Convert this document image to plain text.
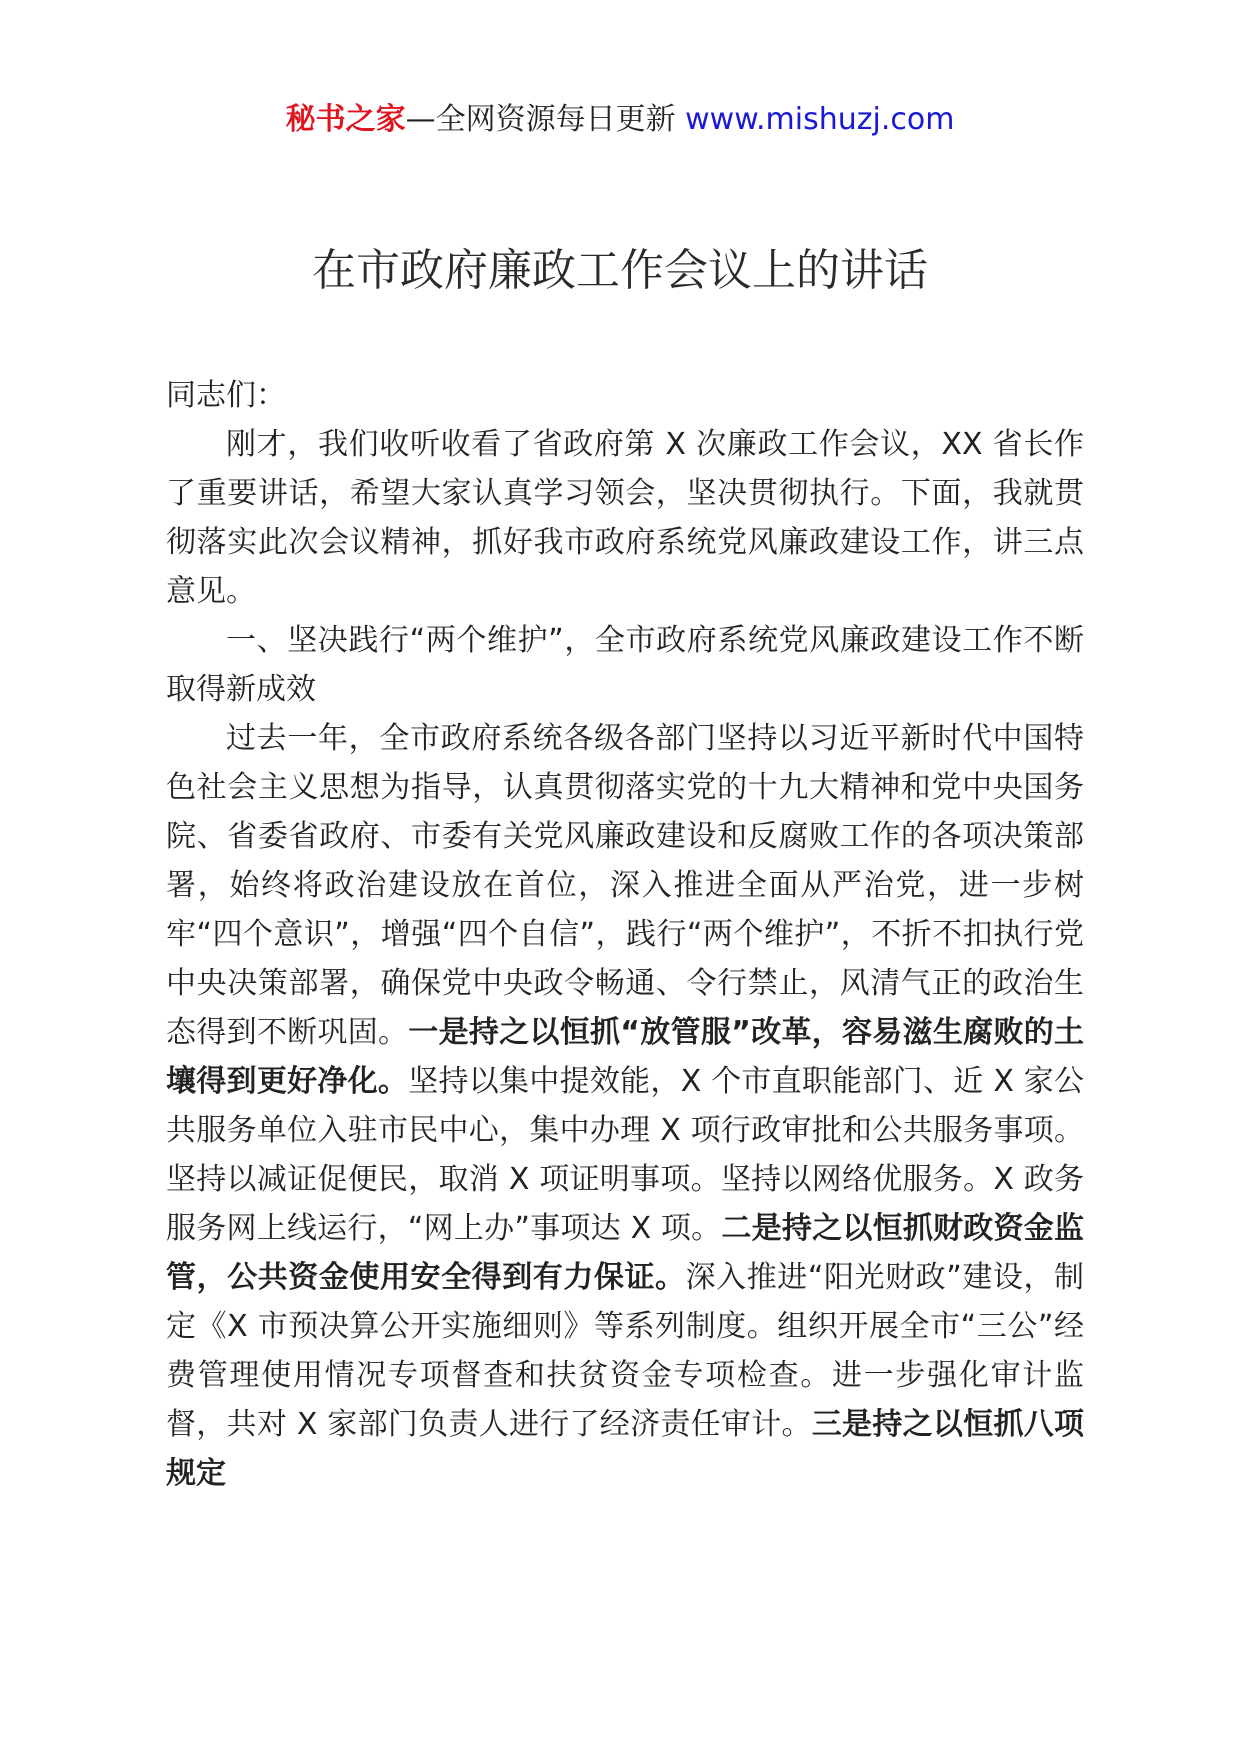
秘书之家—全网资源每日更新 www.mishuzj.com
在市政府廉政工作会议上的讲话

同志们：

刚才，我们收听收看了省政府第 X 次廉政工作会议，XX 省长作了重要讲话，希望大家认真学习领会，坚决贯彻执行。下面，我就贯彻落实此次会议精神，抓好我市政府系统党风廉政建设工作，讲三点意见。

一、坚决践行“两个维护”，全市政府系统党风廉政建设工作不断取得新成效

过去一年，全市政府系统各级各部门坚持以习近平新时代中国特色社会主义思想为指导，认真贯彻落实党的十九大精神和党中央国务院、省委省政府、市委有关党风廉政建设和反腐败工作的各项决策部署，始终将政治建设放在首位，深入推进全面从严治党，进一步树牢“四个意识”，增强“四个自信”，践行“两个维护”，不折不扣执行党中央决策部署，确保党中央政令畅通、令行禁止，风清气正的政治生态得到不断巩固。一是持之以恒抓“放管服”改革，容易滋生腐败的土壤得到更好净化。坚持以集中提效能，X 个市直职能部门、近 X 家公共服务单位入驻市民中心，集中办理 X 项行政审批和公共服务事项。坚持以减证促便民，取消 X 项证明事项。坚持以网络优服务。X 政务服务网上线运行，“网上办”事项达 X 项。二是持之以恒抓财政资金监管，公共资金使用安全得到有力保证。深入推进“阳光财政”建设，制定《X 市预决算公开实施细则》等系列制度。组织开展全市“三公”经费管理使用情况专项督查和扶贫资金专项检查。进一步强化审计监督，共对 X 家部门负责人进行了经济责任审计。三是持之以恒抓八项规定
